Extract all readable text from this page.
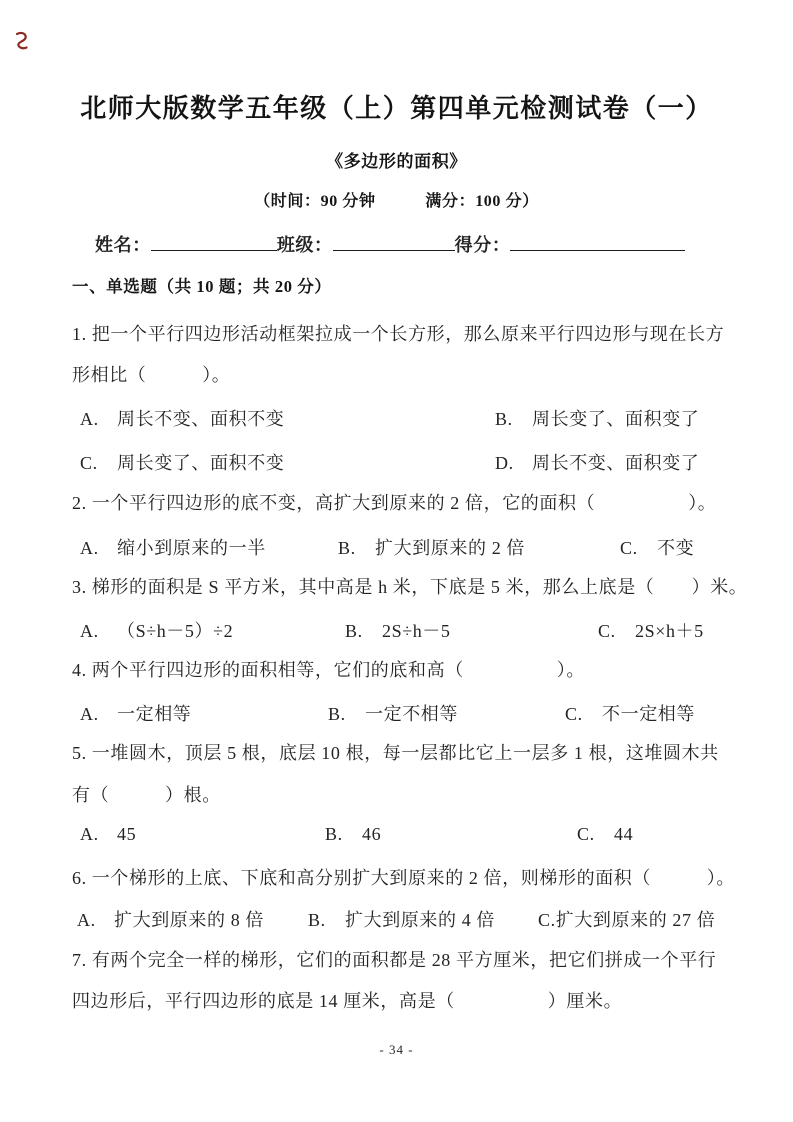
北师大版数学五年级（上）第四单元检测试卷（一）
《多边形的面积》
（时间：90 分钟　　　满分：100 分）
姓名：	班级：	得分：
一、单选题（共 10 题；共 20 分）
1. 把一个平行四边形活动框架拉成一个长方形，那么原来平行四边形与现在长方
形相比（　　　）。
A. 周长不变、面积不变	B. 周长变了、面积变了
C. 周长变了、面积不变	D. 周长不变、面积变了
2. 一个平行四边形的底不变，高扩大到原来的 2 倍，它的面积（　　　　　）。
A. 缩小到原来的一半	B. 扩大到原来的 2 倍	C. 不变
3. 梯形的面积是 S 平方米，其中高是 h 米，下底是 5 米，那么上底是（　　）米。
A. （S÷h－5）÷2	B. 2S÷h－5	C. 2S×h＋5
4. 两个平行四边形的面积相等，它们的底和高（　　　　　）。
A. 一定相等	B. 一定不相等	C. 不一定相等
5. 一堆圆木，顶层 5 根，底层 10 根，每一层都比它上一层多 1 根，这堆圆木共
有（　　　）根。
A. 45	B. 46	C. 44
6. 一个梯形的上底、下底和高分别扩大到原来的 2 倍，则梯形的面积（　　　）。
A. 扩大到原来的 8 倍 B. 扩大到原来的 4 倍 C.扩大到原来的 27 倍
7. 有两个完全一样的梯形，它们的面积都是 28 平方厘米，把它们拼成一个平行
四边形后，平行四边形的底是 14 厘米，高是（　　　　　）厘米。
- 34 -
